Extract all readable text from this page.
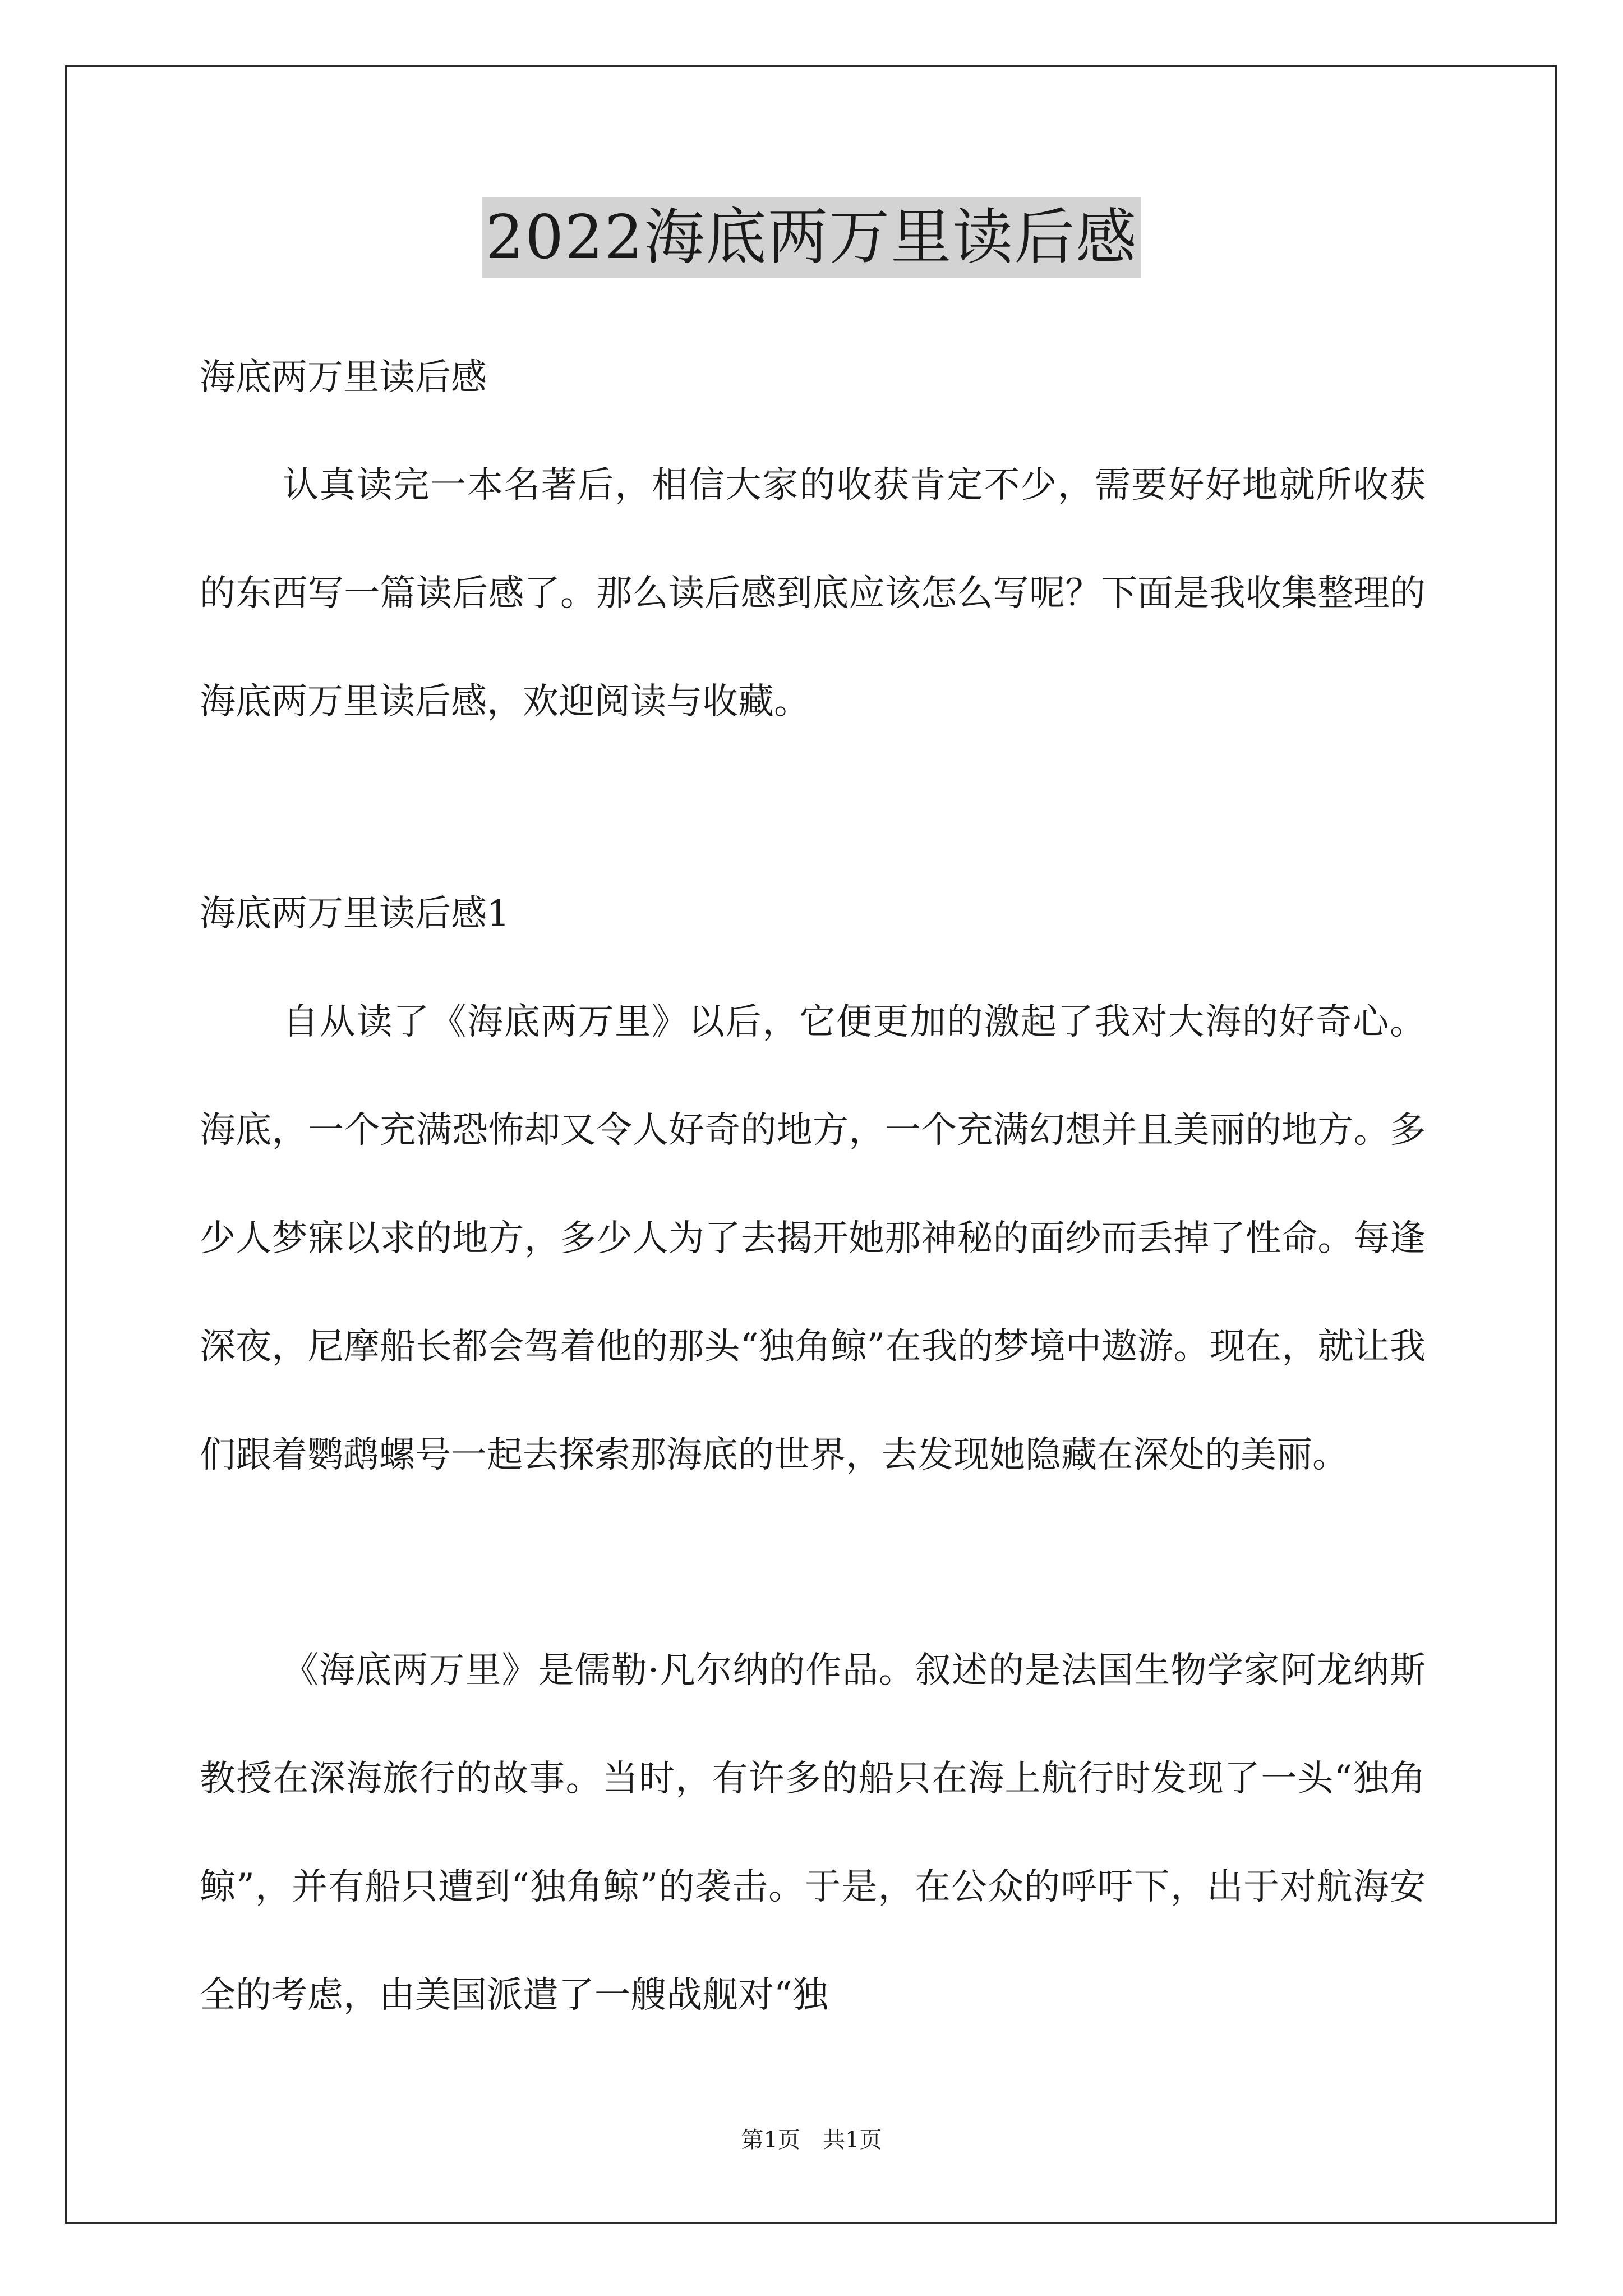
2022海底两万里读后感
海底两万里读后感

认真读完一本名著后，相信大家的收获肯定不少，需要好好地就所收获的东西写一篇读后感了。那么读后感到底应该怎么写呢？下面是我收集整理的海底两万里读后感，欢迎阅读与收藏。

海底两万里读后感1

自从读了《海底两万里》以后，它便更加的激起了我对大海的好奇心。海底，一个充满恐怖却又令人好奇的地方，一个充满幻想并且美丽的地方。多少人梦寐以求的地方，多少人为了去揭开她那神秘的面纱而丢掉了性命。每逢深夜，尼摩船长都会驾着他的那头“独角鲸”在我的梦境中遨游。现在，就让我们跟着鹦鹉螺号一起去探索那海底的世界，去发现她隐藏在深处的美丽。

《海底两万里》是儒勒·凡尔纳的作品。叙述的是法国生物学家阿龙纳斯教授在深海旅行的故事。当时，有许多的船只在海上航行时发现了一头“独角鲸”，并有船只遭到“独角鲸”的袭击。于是，在公众的呼吁下，出于对航海安全的考虑，由美国派遣了一艘战舰对“独

第1页　共1页
